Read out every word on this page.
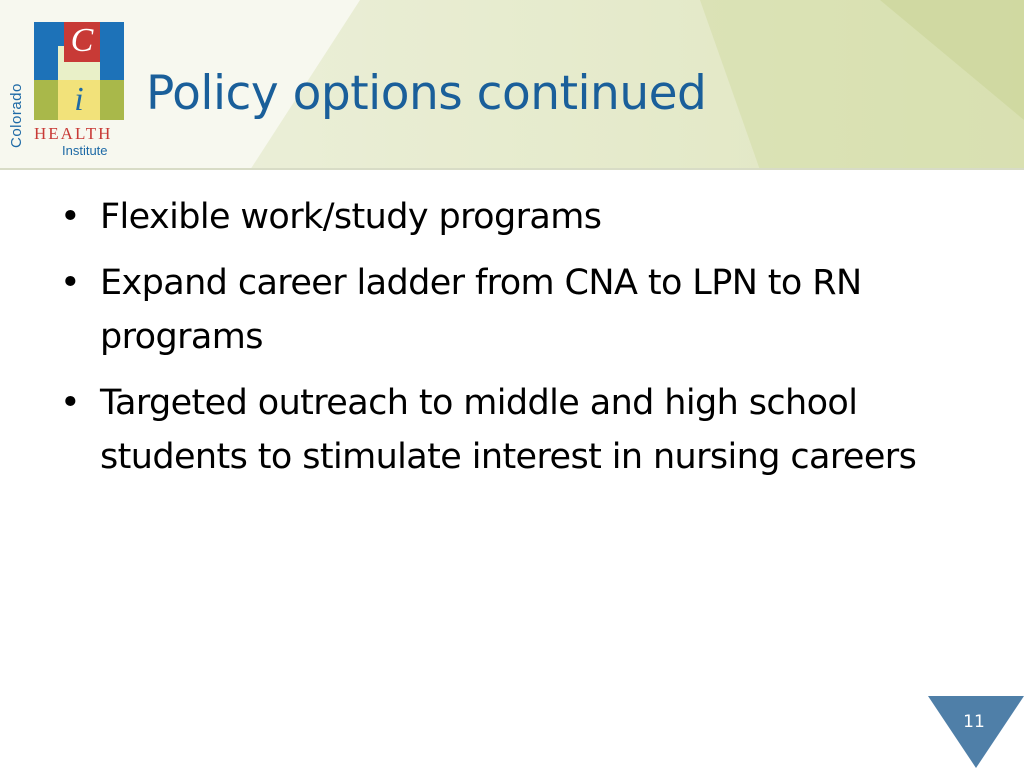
Colorado
C
i
HEALTH
Institute
Policy options continued
• Flexible work/study programs
• Expand career ladder from CNA to LPN to RN programs
• Targeted outreach to middle and high school students to stimulate interest in nursing careers
11
